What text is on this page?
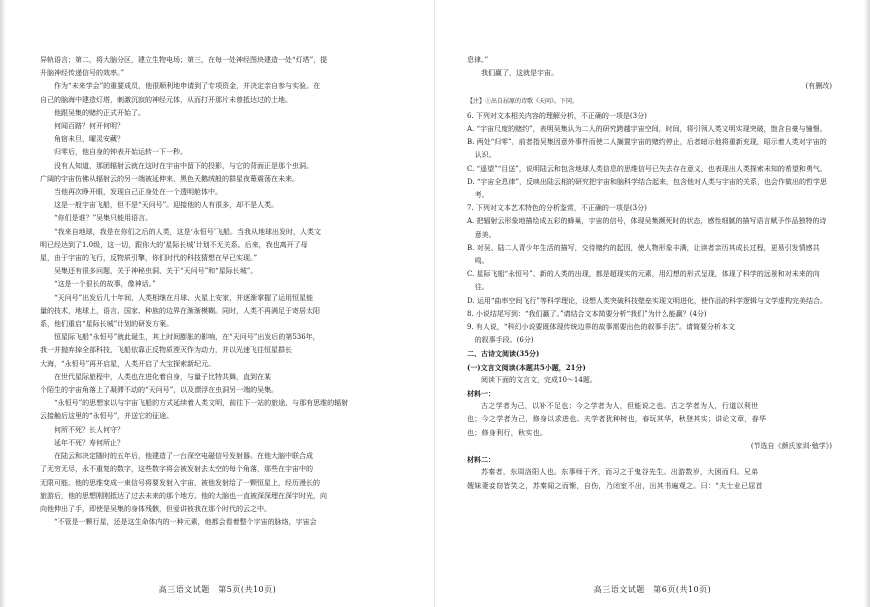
异轨语言；第二，将大脑分区，建立生物电场；第三，在每一处神经图块建造一处“灯塔”，提

升脑神经传递信号的效率。”

作为“未来学会”的重要成员，他很顺利地申请到了专项资金，并决定亲自参与实验。在

自己的脑海中建造灯塔，刺激沉寂的神经元体，从而打开那片未曾抵达过的土地。

他跟吴集的赌约正式开始了。

何闻百路？何开何明？

角宿未旦，曜灵安藏？

归零后，他自身的钟表开始运转一下一秒。

没有人知道，那团辐射云就在这时在宇宙中留下的投影，与它的背面正是那个虫洞。

广阔的宇宙仿佛从辐射云的另一端被延伸来，黑色天鹅绒般的群星夜幕震荡在未来。

当他再次睁开眼，发现自己正身处在一个透明舱体中。

这是一般宇宙飞船，但不是“天问号”。迎接他的人有很多，却不是人类。

“你们是谁？”吴集只能用语言。

“我来自地球，我是在你们之后的人类，这是‘永恒号’飞船。当我从地球出发时，人类文

明已经达到了1.0级，这一切，跟你大的‘星际长城’计划不无关系。后来，我也离开了母

星，由于宇宙的飞行，反物质引擎，你们时代的科技猜想在早已实现。”

吴集还有很多问题，关于神秘虫洞、关于“天问号”和“星际长城”。

“这是一个很长的故事，像神话。”

“天问号”出发后几十年间，人类相继在月球、火星上安家，并逐渐掌握了运用恒星能

量的技术，地球上，语言、国家、种族的边界在渐渐模糊。同时，人类不再满足于寄居太阳

系，他们重启“星际长城”计划的研发方案。

恒星际飞船“永恒号”就此诞生，其上时间膨胀的影响，在“天问号”出发后的第536年，

我一并抛弃掉全部科技，飞船依靠正反物质湮灭作为动力，并以光速飞往恒星群长

大海，“永恒号”再开启星，人类开启了大宝探索新纪元。

在世代星际旅程中，人类也在进化着自身，与量子比特共舞，直到在某

个陌生的宇宙角落上了凝滞不动的“天问号”，以及漂浮在虫洞另一端的吴集。

“永恒号”的思想家以与宇宙飞船的方式延续着人类文明，前往下一站的旅途，与那有思维的辐射

云接触后这里的“永恒号”，并送它的征途。

何所不死？长人何守？

延年不死？寿何所止？

在陆云和决定随时的五年后，他建造了一台深空电磁信号发射器。在他大脑中联合成

了无穷无尽，永不重复的数字，这些数字将会被发射去太空的每个角落，那些在宇宙中的

无限可能。他的思维变成一束信号将要发射入宇宙，被他发射给了一颗恒星上，经历漫长的

旅游后，他的思想刚刚抵达了过去未来的那个地方。他的大脑也一直被深深埋在深宇时光，向

向他伸出了手，即使是吴集的身体残骸，但爱讲彼我在那个时代的云之中。

“不管是一颗行星，还是这生命体内的一种元素，他都会看着整个宇宙的脉络，宇宙会

高三语文试题　第5页(共10页)

息律。”

我们赢了，这就是宇宙。

(有删改)

【注】①出自屈原的诗歌《天问》。下同。

6. 下列对文本相关内容的理解分析，不正确的一项是(3分)

A. “宇宙尺度的赌约”，表明吴集认为二人的研究跨越宇宙空间，时间，将引领人类文明实现突破，饱含自豪与憧憬。

B. 两处“归零”，前者指吴集因意外事件而使二人搁置宇宙的赌约停止，后者暗示他将重新充现，昭示着人类对宇宙的认识。

C. “遥望”“目送”，说明陆云和包含地球人类信息的思维信号已失去存在意义，也表现出人类探索未知的希望和勇气。

D. “宇宙全息律”，反映出陆云相的研究把宇宙和脑科学结合起来，包含他对人类与宇宙的关系，也会作做出的哲学思考。

7. 下列对文本艺术特色的分析鉴赏，不正确的一项是(3分)

A. 把辐射云形象地描绘成五彩的蜂巢，宇宙的信号，体现吴集濒死时的状态，感性细腻的描写语言赋予作品独特的诗意美。

B. 对吴、陆二人青少年生活的描写，交待赌约的起因，使人物形象丰满，让读者亲历其成长过程，更易引发情感共鸣。

C. 星际飞船“永恒号”、新的人类的出现，都是超现实的元素，用幻想的形式呈现，体现了科学的远景和对未来的向往。

D. 运用“曲率空间飞行”等科学理论，设想人类突破科技壁垒实现文明进化，使作品的科学逻辑与文学虚构完美结合。

8. 小说结尾写到：“我们赢了。”请结合文本简要分析“我们”为什么能赢？(4分)

9. 有人说，“科幻小说要既体现传统边界的故事需要出色的叙事手法”。请简要分析本文

的叙事手段。(6分)

二、古诗文阅读(35分)

(一)文言文阅读(本题共5小题，21分)

阅读下面的文言文，完成10～14题。

材料一：

古之学者为己，以补不足也；今之学者为人，但能说之也。古之学者为人，行道以利世

也；今之学者为己，修身以求进也。夫学者犹种树也，春玩其华，秋登其实；讲论文章，春华

也；修身利行，秋实也。

(节选自《颜氏家训·勉学》)

材料二：

苏秦者，东周洛阳人也。东事师于齐，而习之于鬼谷先生。出游数岁，大困而归。兄弟

嫂妹妻妾窃皆笑之，苏秦闻之而惭，自伤，乃闭室不出，出其书遍观之。曰：“夫士业已屈首

高三语文试题　第6页(共10页)
